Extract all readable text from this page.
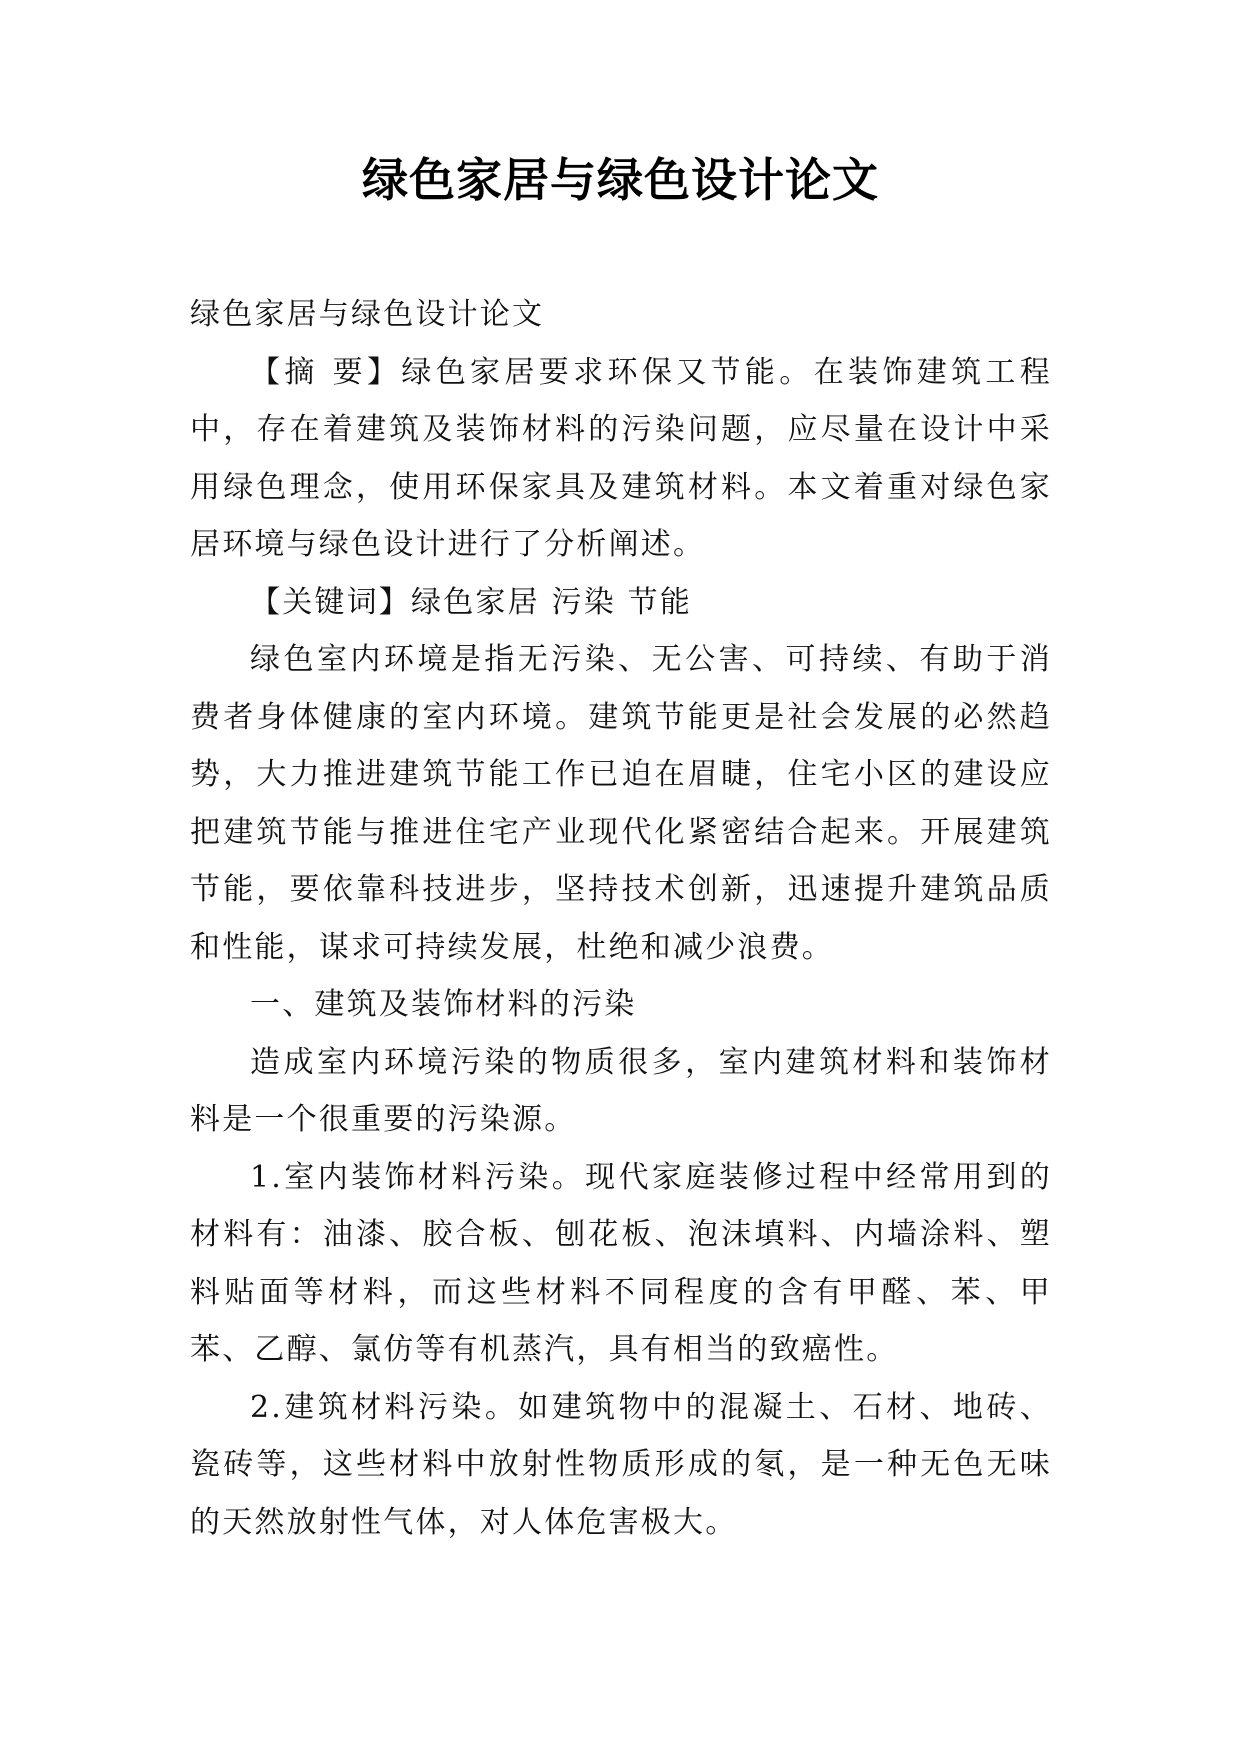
绿色家居与绿色设计论文

绿色家居与绿色设计论文

【摘 要】绿色家居要求环保又节能。在装饰建筑工程中，存在着建筑及装饰材料的污染问题，应尽量在设计中采用绿色理念，使用环保家具及建筑材料。本文着重对绿色家居环境与绿色设计进行了分析阐述。

【关键词】绿色家居 污染 节能

绿色室内环境是指无污染、无公害、可持续、有助于消费者身体健康的室内环境。建筑节能更是社会发展的必然趋势，大力推进建筑节能工作已迫在眉睫，住宅小区的建设应把建筑节能与推进住宅产业现代化紧密结合起来。开展建筑节能，要依靠科技进步，坚持技术创新，迅速提升建筑品质和性能，谋求可持续发展，杜绝和减少浪费。

一、建筑及装饰材料的污染

造成室内环境污染的物质很多，室内建筑材料和装饰材料是一个很重要的污染源。

1.室内装饰材料污染。现代家庭装修过程中经常用到的材料有：油漆、胶合板、刨花板、泡沫填料、内墙涂料、塑料贴面等材料，而这些材料不同程度的含有甲醛、苯、甲苯、乙醇、氯仿等有机蒸汽，具有相当的致癌性。

2.建筑材料污染。如建筑物中的混凝土、石材、地砖、瓷砖等，这些材料中放射性物质形成的氡，是一种无色无味的天然放射性气体，对人体危害极大。
